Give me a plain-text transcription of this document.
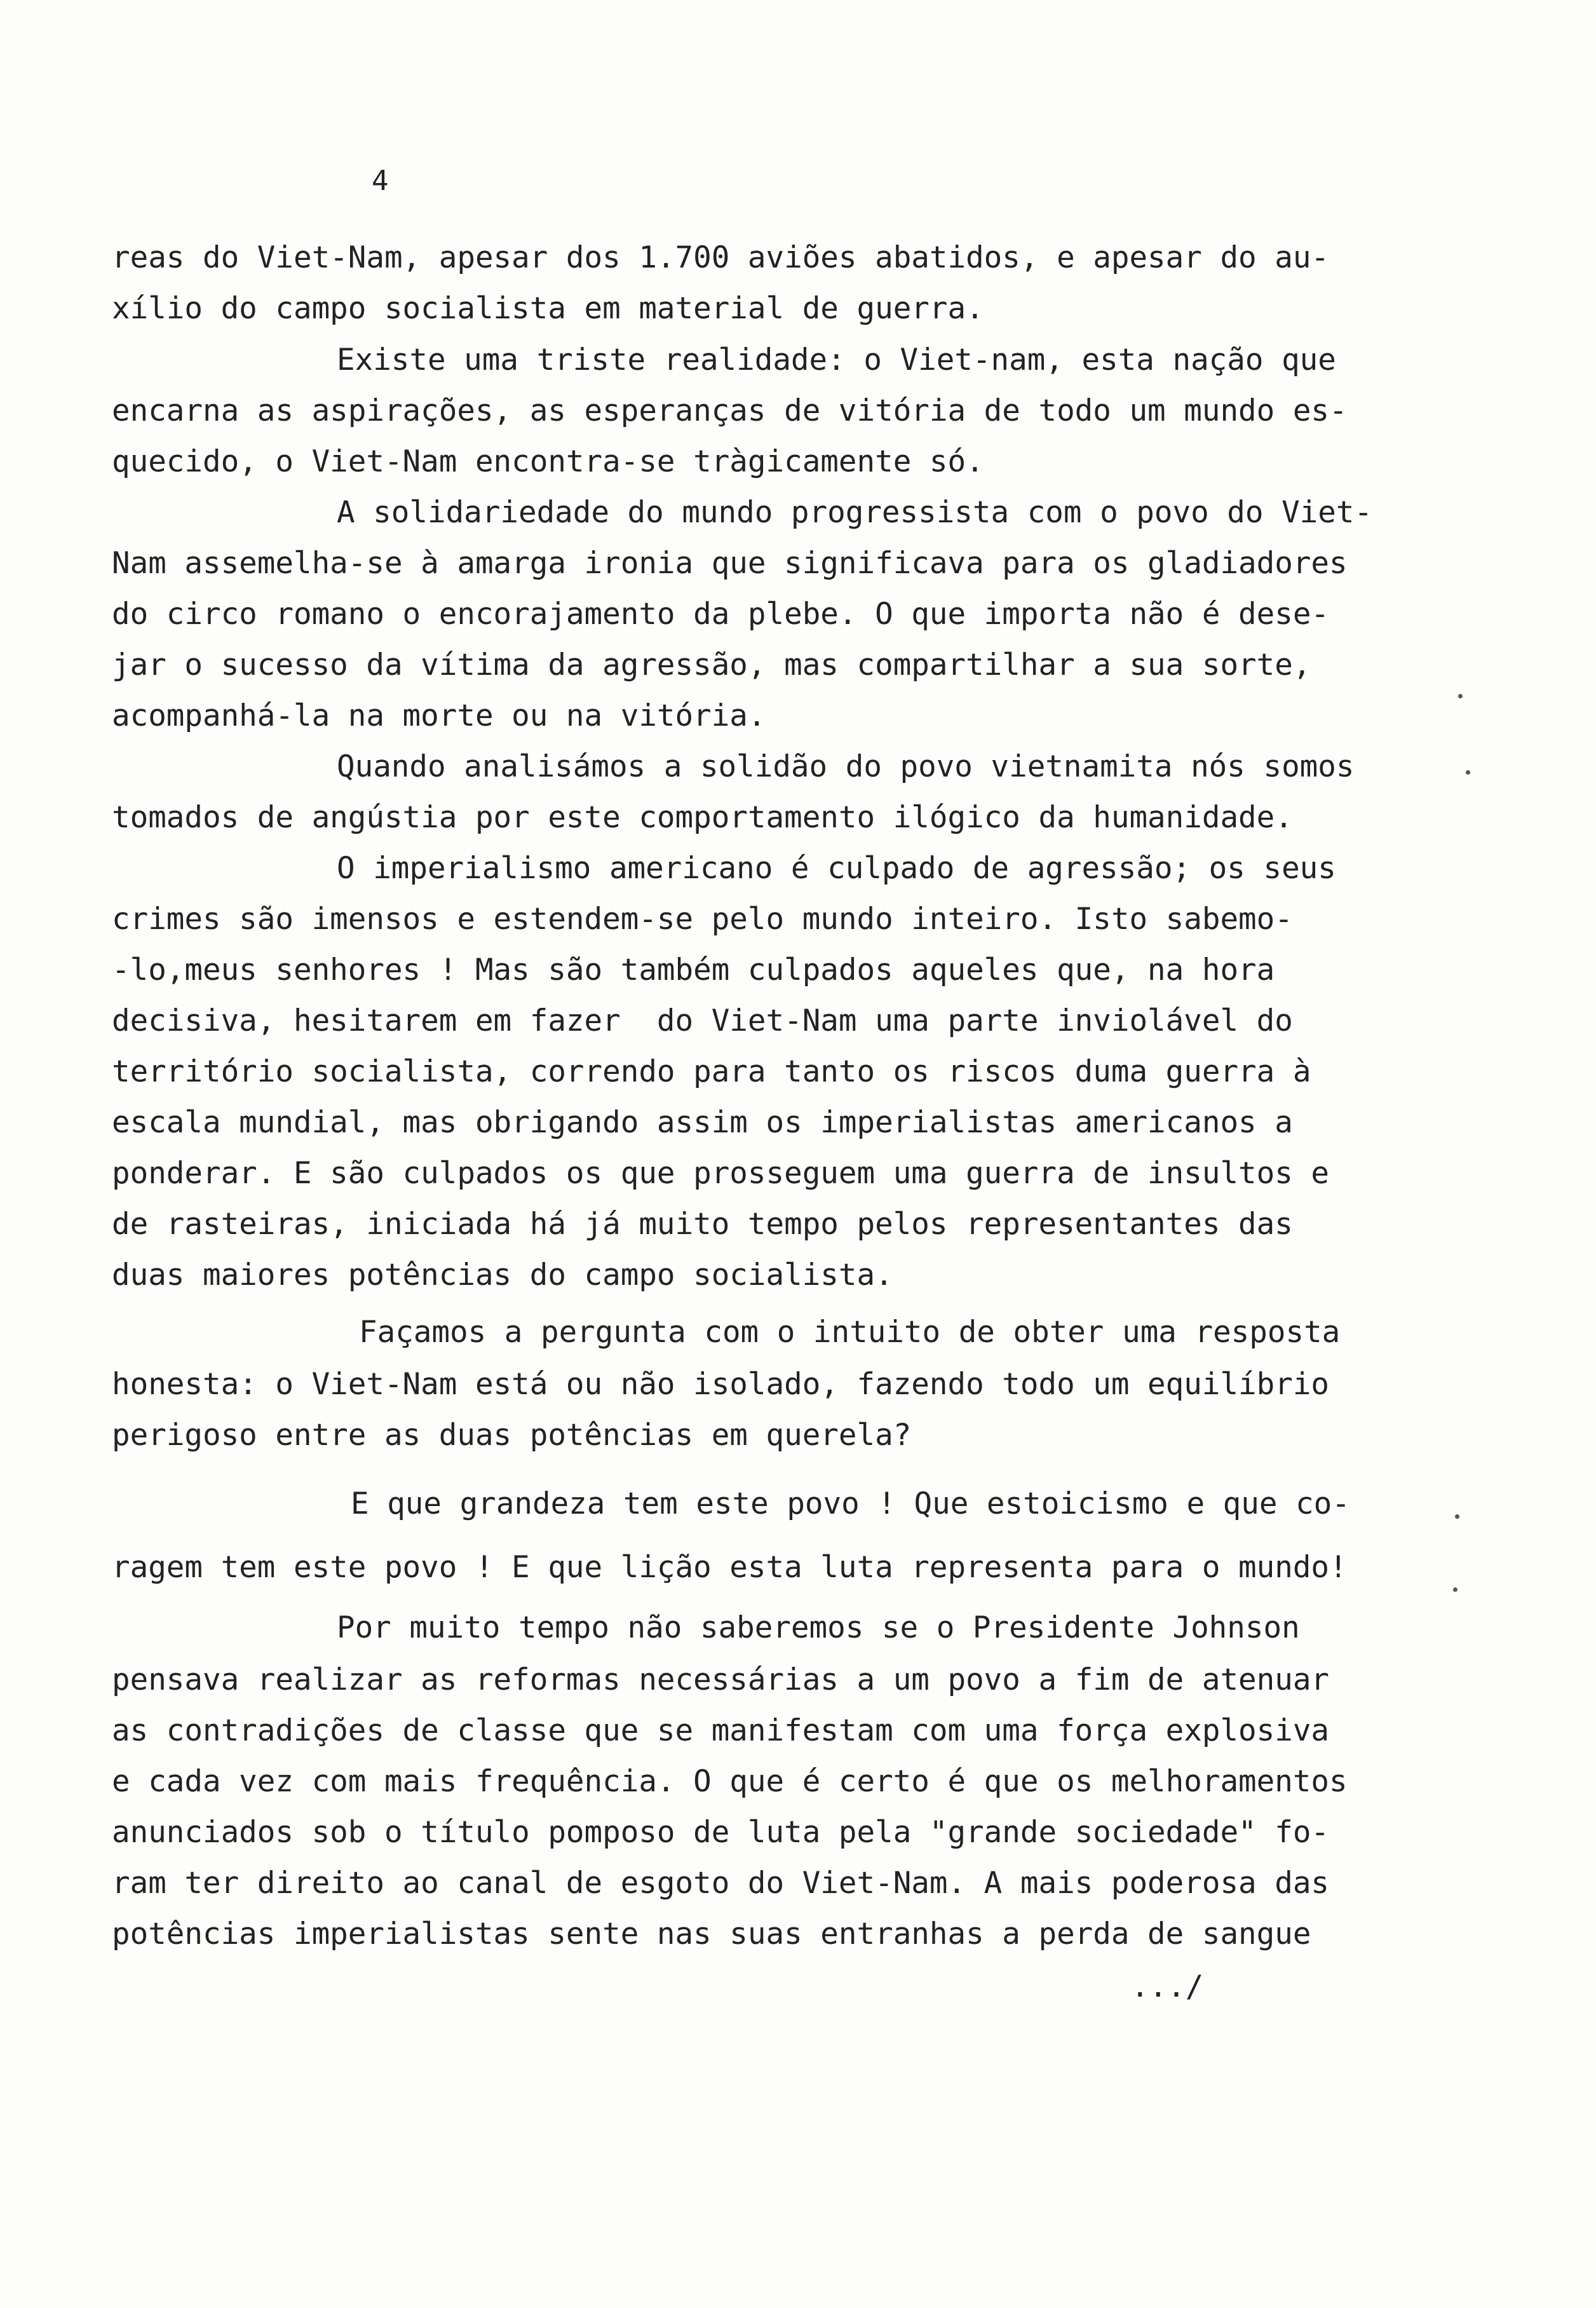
4
reas do Viet-Nam, apesar dos 1.700 aviões abatidos, e apesar do au-
xílio do campo socialista em material de guerra.
Existe uma triste realidade: o Viet-nam, esta nação que
encarna as aspirações, as esperanças de vitória de todo um mundo es-
quecido, o Viet-Nam encontra-se tràgicamente só.
A solidariedade do mundo progressista com o povo do Viet-
Nam assemelha-se à amarga ironia que significava para os gladiadores
do circo romano o encorajamento da plebe. O que importa não é dese-
jar o sucesso da vítima da agressão, mas compartilhar a sua sorte,
acompanhá-la na morte ou na vitória.
Quando analisámos a solidão do povo vietnamita nós somos
tomados de angústia por este comportamento ilógico da humanidade.
O imperialismo americano é culpado de agressão; os seus
crimes são imensos e estendem-se pelo mundo inteiro. Isto sabemo-
-lo,meus senhores ! Mas são também culpados aqueles que, na hora
decisiva, hesitarem em fazer  do Viet-Nam uma parte inviolável do
território socialista, correndo para tanto os riscos duma guerra à
escala mundial, mas obrigando assim os imperialistas americanos a
ponderar. E são culpados os que prosseguem uma guerra de insultos e
de rasteiras, iniciada há já muito tempo pelos representantes das
duas maiores potências do campo socialista.
Façamos a pergunta com o intuito de obter uma resposta
honesta: o Viet-Nam está ou não isolado, fazendo todo um equilíbrio
perigoso entre as duas potências em querela?
E que grandeza tem este povo ! Que estoicismo e que co-
ragem tem este povo ! E que lição esta luta representa para o mundo!
Por muito tempo não saberemos se o Presidente Johnson
pensava realizar as reformas necessárias a um povo a fim de atenuar
as contradições de classe que se manifestam com uma força explosiva
e cada vez com mais frequência. O que é certo é que os melhoramentos
anunciados sob o título pomposo de luta pela "grande sociedade" fo-
ram ter direito ao canal de esgoto do Viet-Nam. A mais poderosa das
potências imperialistas sente nas suas entranhas a perda de sangue
.../
